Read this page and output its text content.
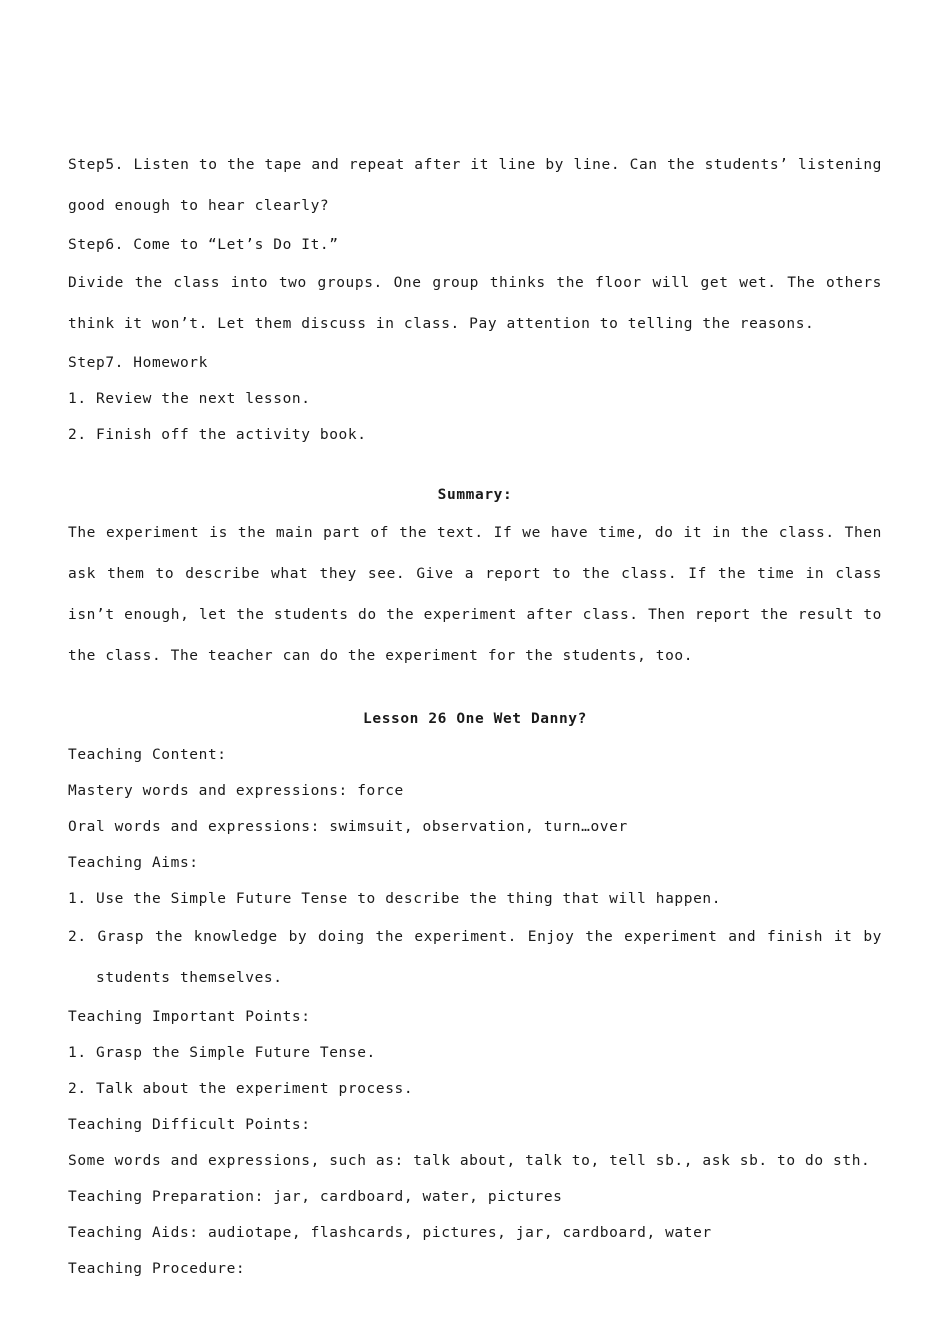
Step5. Listen to the tape and repeat after it line by line. Can the students’ listening good enough to hear clearly?

Step6. Come to “Let’s Do It.”

Divide the class into two groups. One group thinks the floor will get wet. The others think it won’t. Let them discuss in class. Pay attention to telling the reasons.

Step7. Homework

1. Review the next lesson.

2. Finish off the activity book.

Summary:

The experiment is the main part of the text. If we have time, do it in the class. Then ask them to describe what they see. Give a report to the class. If the time in class isn’t enough, let the students do the experiment after class. Then report the result to the class. The teacher can do the experiment for the students, too.

Lesson 26 One Wet Danny?

Teaching Content:

Mastery words and expressions: force

Oral words and expressions: swimsuit, observation, turn…over

Teaching Aims:

1. Use the Simple Future Tense to describe the thing that will happen.

2. Grasp the knowledge by doing the experiment. Enjoy the experiment and finish it by students themselves.

Teaching Important Points:

1. Grasp the Simple Future Tense.

2. Talk about the experiment process.

Teaching Difficult Points:

Some words and expressions, such as: talk about, talk to, tell sb., ask sb. to do sth.

Teaching Preparation: jar, cardboard, water, pictures

Teaching Aids: audiotape, flashcards, pictures, jar, cardboard, water

Teaching Procedure:
